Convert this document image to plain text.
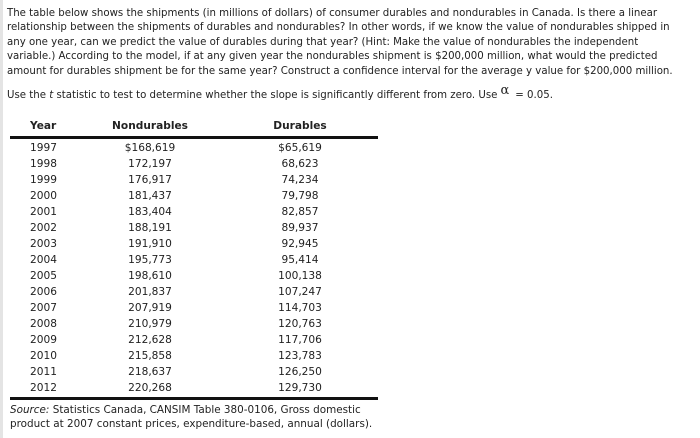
The table below shows the shipments (in millions of dollars) of consumer durables and nondurables in Canada. Is there a linear
relationship between the shipments of durables and nondurables? In other words, if we know the value of nondurables shipped in
any one year, can we predict the value of durables during that year? (Hint: Make the value of nondurables the independent
variable.) According to the model, if at any given year the nondurables shipment is $200,000 million, what would the predicted
amount for durables shipment be for the same year? Construct a confidence interval for the average y value for $200,000 million.
Use the t statistic to test to determine whether the slope is significantly different from zero. Use α = 0.05.
Year	Nondurables	Durables
1997	$168,619	$65,619
1998	172,197	68,623
1999	176,917	74,234
2000	181,437	79,798
2001	183,404	82,857
2002	188,191	89,937
2003	191,910	92,945
2004	195,773	95,414
2005	198,610	100,138
2006	201,837	107,247
2007	207,919	114,703
2008	210,979	120,763
2009	212,628	117,706
2010	215,858	123,783
2011	218,637	126,250
2012	220,268	129,730
Source: Statistics Canada, CANSIM Table 380-0106, Gross domestic
product at 2007 constant prices, expenditure-based, annual (dollars).
